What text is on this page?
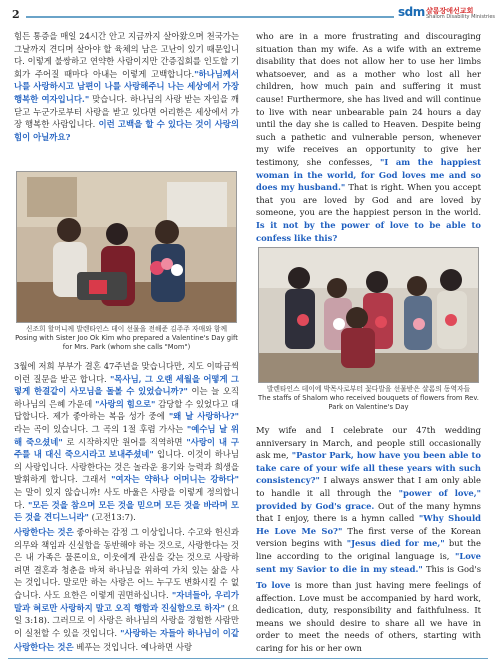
2	sdm 샬롬장애선교회
Shalom Disability Ministries
힘든 통증을 매일 24시간 안고 지금까지 살아왔으며 천국가는 그날까지 견디며 살아야 할 육체의 남은 고난이 있기 때문입니다. 이렇게 불쌍하고 연약한 사람이지만 간증집회를 인도할 기회가 주어질 때마다 아내는 이렇게 고백합니다."하나님께서 나를 사랑하시고 남편이 나를 사랑해주니 나는 세상에서 가장 행복한 여자입니다." 맞습니다. 하나님의 사랑 받는 자임을 깨닫고 누군가로부터 사랑을 받고 있다면 어리한은 세상에서 가장 행복한 사람입니다. 이런 고백을 할 수 있다는 것이 사랑의 힘이 아닐까요?
신조희 할머니께 발렌타인스 데이 선물을 전해준 김주주 자매와 함께
Posing with Sister Joo Ok Kim who prepared a Valentine's Day gift for Mrs. Park (whom she calls "Mom")
3월에 저희 부부가 결혼 47주년을 맞습니다만, 지도 이따금씩 이런 질문을 받곤 합니다. "목사님, 그 오랜 세월을 어떻게 그렇게 한결같이 사모님을 돌볼 수 있었습니까?" 이는 늘 오직 하나님의 은혜 가운데 "사랑의 힘으로" 감당할 수 있었다고 대답합니다. 제가 좋아하는 복음 성가 중에 "왜 날 사랑하나?" 라는 곡이 있습니다. 그 곡의 1절 후렴 가사는 "예수님 날 위해 죽으셨네" 로 시작하지만 원어를 직역하면 "사랑이 내 구주를 내 대신 죽으시라고 보내주셨네" 입니다. 이것이 하나님의 사랑입니다. 사랑한다는 것은 놀라운 용기와 능력과 희생을 발휘하게 합니다. 그래서 "여자는 약하나 어머니는 강하다" 는 말이 있지 않습니까! 사도 바울은 사랑을 이렇게 정의합니다. "모든 것을 참으며 모든 것을 믿으며 모든 것을 바라며 모든 것을 견디느니라" (고전13:7).
사랑한다는 것은 좋아하는 감정 그 이상입니다. 수고와 헌신과 의무와 책임과 신실함을 동반해야 하는 것으로, 사랑한다는 것은 내 가족은 물론이요, 이웃에게 관심을 갖는 것으로 사랑하려면 결혼과 청춘을 바쳐 하나님을 위하여 가치 있는 삶을 사는 것입니다. 말로만 하는 사랑은 어느 누구도 변화시킬 수 없습니다. 사도 요한은 이렇게 권면하십니다. "자녀들아, 우리가 말과 혀로만 사랑하지 말고 오직 행함과 진실함으로 하자" (요일 3:18). 그러므로 이 사랑은 하나님의 사랑을 경험한 사람만이 실천할 수 있을 것입니다. "사랑하는 자들아 하나님이 이같
사랑한다는 것은 베푸는 것입니다. 예나하면 사랑
who are in a more frustrating and discouraging situation than my wife. As a wife with an extreme disability that does not allow her to use her limbs whatsoever, and as a mother who lost all her children, how much pain and suffering it must cause! Furthermore, she has lived and will continue to live with near unbearable pain 24 hours a day until the day she is called to Heaven. Despite being such a pathetic and vulnerable person, whenever my wife receives an opportunity to give her testimony, she confesses, "I am the happiest woman in the world, for God loves me and so does my husband." That is right. When you accept that you are loved by God and are loved by someone, you are the happiest person in the world. Is it not by the power of love to be able to confess like this?
발렌타인스 데이에 박목사로부터 꽃다발을 선물받은 샬롬의 동역자들
The staffs of Shalom who received bouquets of flowers from Rev. Park on Valentine's Day
My wife and I celebrate our 47th wedding anniversary in March, and people still occasionally ask me, "Pastor Park, how have you been able to take care of your wife all these years with such consistency?" I always answer that I am only able to handle it all through the "power of love," provided by God's grace. Out of the many hymns that I enjoy, there is a hymn called "Why Should He Love Me So?" The first verse of the Korean version begins with "Jesus died for me," but the line according to the original language is, "Love sent my Savior to die in my stead." This is God's
To love is more than just having mere feelings of affection. Love must be accompanied by hard work, dedication, duty, responsibility and faithfulness. It means we should desire to share all we have in order to meet the needs of others, starting with caring for his or her own
